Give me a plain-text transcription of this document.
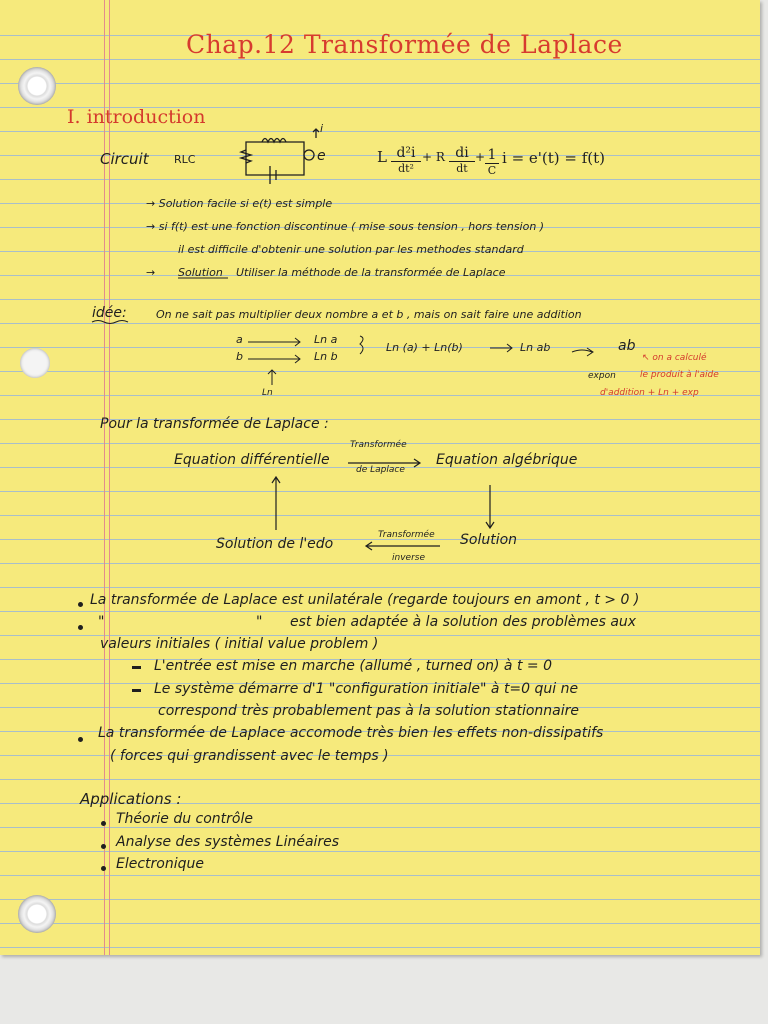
Chap.12 Transformée de Laplace
I. introduction
Circuit RLC
i
e	L d²i
dt²
+ R di
dt
+ 1
C
i = e'(t) = f(t)
→ Solution facile si e(t) est simple
→ si f(t) est une fonction discontinue ( mise sous tension , hors tension )
il est difficile d'obtenir une solution par les methodes standard
→ Solution Utiliser la méthode de la transformée de Laplace
idée:	On ne sait pas multiplier deux nombre a et b , mais on sait faire une addition
a
b
Ln a
Ln b
Ln (a) + Ln(b)	Ln ab	ab
Ln
expon
↖ on a calculé
le produit à l'aide
d'addition + Ln + exp
Pour la transformée de Laplace :
Equation différentielle
Transformée
de Laplace
Equation algébrique
Solution de l'edo
Transformée
inverse
Solution
La transformée de Laplace est unilatérale (regarde toujours en amont , t > 0 )
"	" est bien adaptée à la solution des problèmes aux
valeurs initiales ( initial value problem )
L'entrée est mise en marche (allumé , turned on) à t = 0
Le système démarre d'1 "configuration initiale" à t=0 qui ne
correspond très probablement pas à la solution stationnaire
La transformée de Laplace accomode très bien les effets non-dissipatifs
( forces qui grandissent avec le temps )
Applications :
Théorie du contrôle
Analyse des systèmes Linéaires
Electronique
